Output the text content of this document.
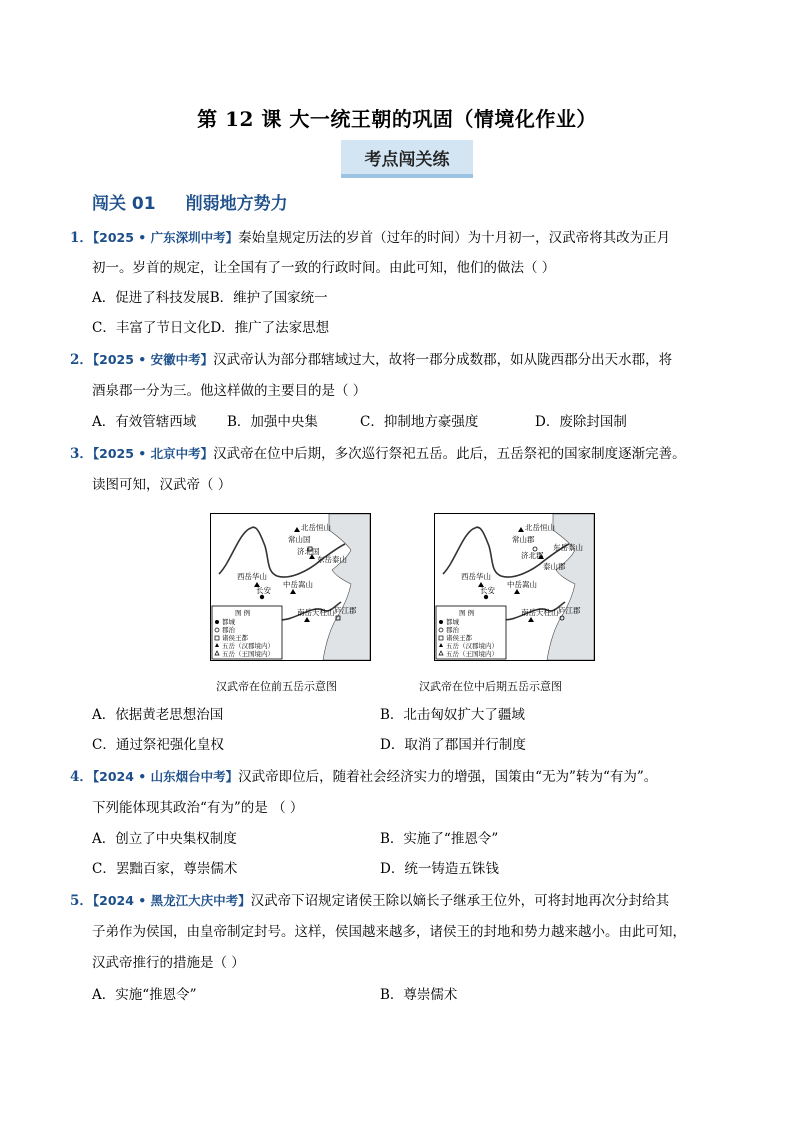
第 12 课 大一统王朝的巩固（情境化作业）
考点闯关练
闯关 01 削弱地方势力
1．【2025 • 广东深圳中考】秦始皇规定历法的岁首（过年的时间）为十月初一，汉武帝将其改为正月
初一。岁首的规定，让全国有了一致的行政时间。由此可知，他们的做法（ ）
A．促进了科技发展B．维护了国家统一
C．丰富了节日文化D．推广了法家思想
2．【2025 • 安徽中考】汉武帝认为部分郡辖域过大，故将一郡分成数郡，如从陇西郡分出天水郡，将
酒泉郡一分为三。他这样做的主要目的是（ ）
A．有效管辖西域 B．加强中央集	C．抑制地方豪强度	D．废除封国制
3．【2025 • 北京中考】汉武帝在位中后期，多次巡行祭祀五岳。此后，五岳祭祀的国家制度逐渐完善。
读图可知，汉武帝（ ）
北岳恒山
常山国
济北国
东岳泰山
西岳华山
中岳嵩山
长安
南岳天柱山 庐江郡
图 例
都城
郡治
诸侯王都
五岳（汉郡境内）
五岳（王国境内）
北岳恒山
常山郡
济北郡
东岳泰山
泰山郡
西岳华山
中岳嵩山
长安
南岳天柱山 庐江郡
图 例
都城
郡治
诸侯王都
五岳（汉郡境内）
五岳（王国境内）
汉武帝在位前五岳示意图	汉武帝在位中后期五岳示意图
A．依据黄老思想治国	B．北击匈奴扩大了疆域
C．通过祭祀强化皇权	D．取消了郡国并行制度
4．【2024 • 山东烟台中考】汉武帝即位后，随着社会经济实力的增强，国策由“无为”转为“有为”。
下列能体现其政治“有为”的是 （ ）
A．创立了中央集权制度	B．实施了“推恩令”
C．罢黜百家，尊崇儒术	D．统一铸造五铢钱
5．【2024 • 黑龙江大庆中考】汉武帝下诏规定诸侯王除以嫡长子继承王位外，可将封地再次分封给其
子弟作为侯国，由皇帝制定封号。这样，侯国越来越多，诸侯王的封地和势力越来越小。由此可知，
汉武帝推行的措施是（ ）
A．实施“推恩令”	B．尊崇儒术
